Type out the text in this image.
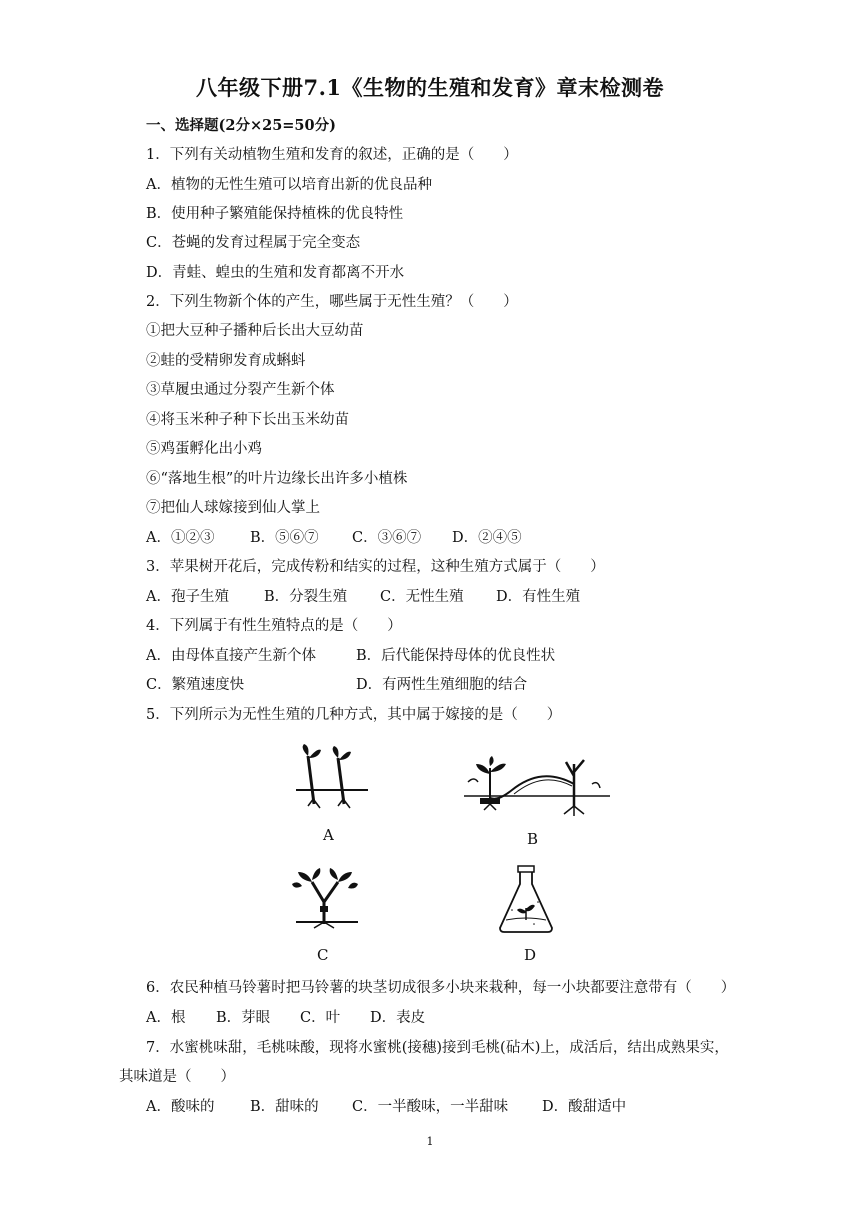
八年级下册7.1《生物的生殖和发育》章末检测卷
一、选择题(2分×25=50分)
1．下列有关动植物生殖和发育的叙述，正确的是（　　）
A．植物的无性生殖可以培育出新的优良品种
B．使用种子繁殖能保持植株的优良特性
C．苍蝇的发育过程属于完全变态
D．青蛙、蝗虫的生殖和发育都离不开水
2．下列生物新个体的产生，哪些属于无性生殖？（　　）
①把大豆种子播种后长出大豆幼苗
②蛙的受精卵发育成蝌蚪
③草履虫通过分裂产生新个体
④将玉米种子种下长出玉米幼苗
⑤鸡蛋孵化出小鸡
⑥“落地生根”的叶片边缘长出许多小植株
⑦把仙人球嫁接到仙人掌上
A．①②③ B．⑤⑥⑦ C．③⑥⑦ D．②④⑤
3．苹果树开花后，完成传粉和结实的过程，这种生殖方式属于（　　）
A．孢子生殖 B．分裂生殖 C．无性生殖 D．有性生殖
4．下列属于有性生殖特点的是（　　）
A．由母体直接产生新个体	B．后代能保持母体的优良性状
C．繁殖速度快	D．有两性生殖细胞的结合
5．下列所示为无性生殖的几种方式，其中属于嫁接的是（　　）
A	B
C	D
6．农民种植马铃薯时把马铃薯的块茎切成很多小块来栽种，每一小块都要注意带有（　　）
A．根 B．芽眼 C．叶 D．表皮
7．水蜜桃味甜，毛桃味酸，现将水蜜桃(接穗)接到毛桃(砧木)上，成活后，结出成熟果实，
其味道是（　　）
A．酸味的 B．甜味的 C．一半酸味，一半甜味 D．酸甜适中
1
